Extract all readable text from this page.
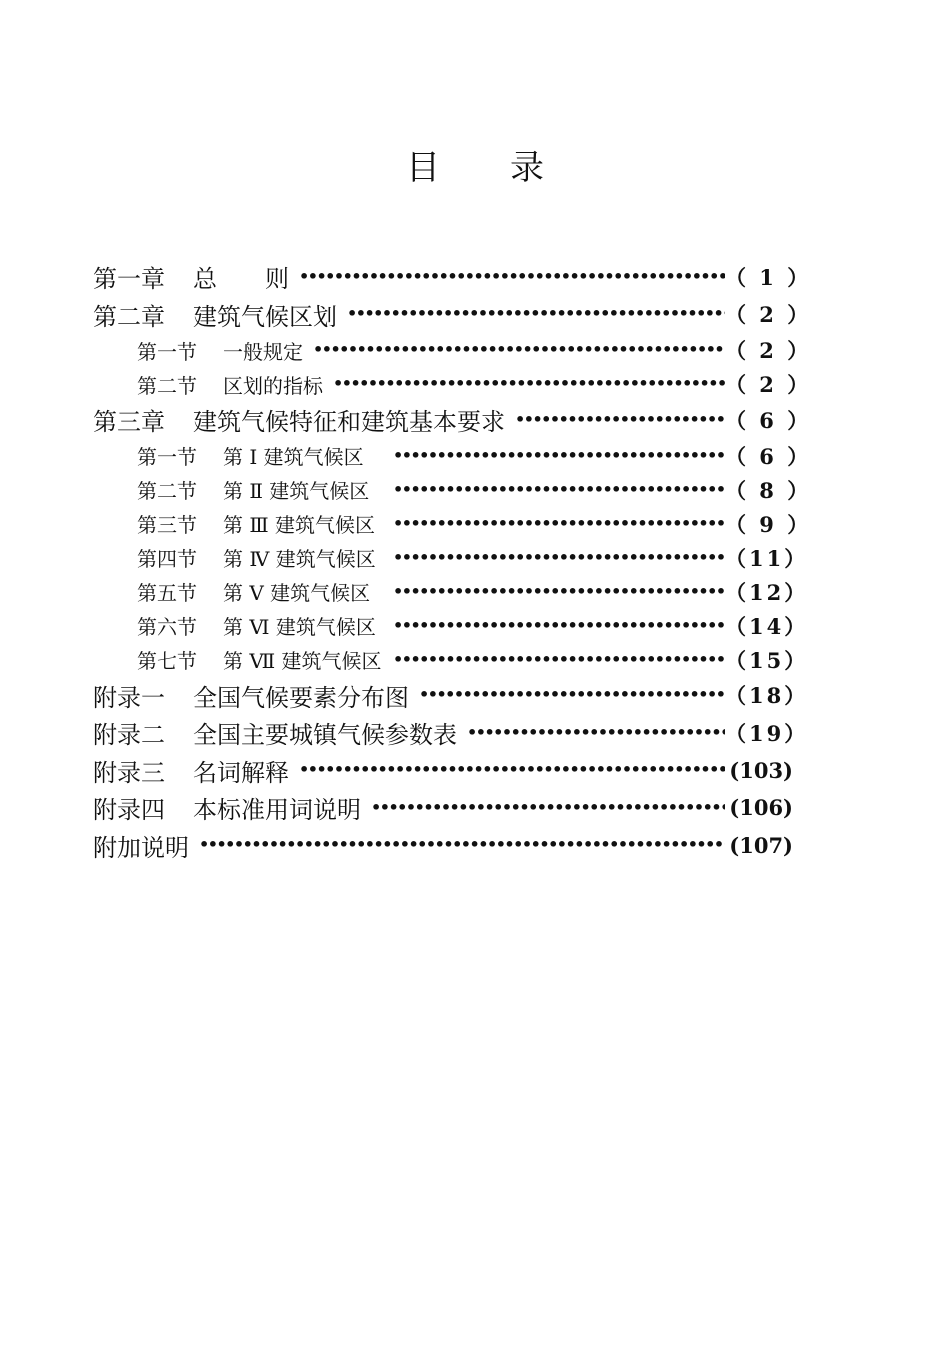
目 录
第一章	总　　则 •••••	（ 1 ）
第二章	建筑气候区划 •••••	（ 2 ）
第一节	一般规定 •••••	（ 2 ）
第二节	区划的指标 •••••	（ 2 ）
第三章	建筑气候特征和建筑基本要求 •••••	（ 6 ）
第一节	第 Ⅰ 建筑气候区 •••••	（ 6 ）
第二节	第 Ⅱ 建筑气候区 •••••	（ 8 ）
第三节	第 Ⅲ 建筑气候区 •••••	（ 9 ）
第四节	第 Ⅳ 建筑气候区 •••••	（11）
第五节	第 Ⅴ 建筑气候区 •••••	（12）
第六节	第 Ⅵ 建筑气候区 •••••	（14）
第七节	第 Ⅶ 建筑气候区 •••••	（15）
附录一	全国气候要素分布图 •••••	（18）
附录二	全国主要城镇气候参数表 •••••	（19）
附录三	名词解释 •••••	(103)
附录四	本标准用词说明 •••••	(106)
附加说明 •••••	(107)
